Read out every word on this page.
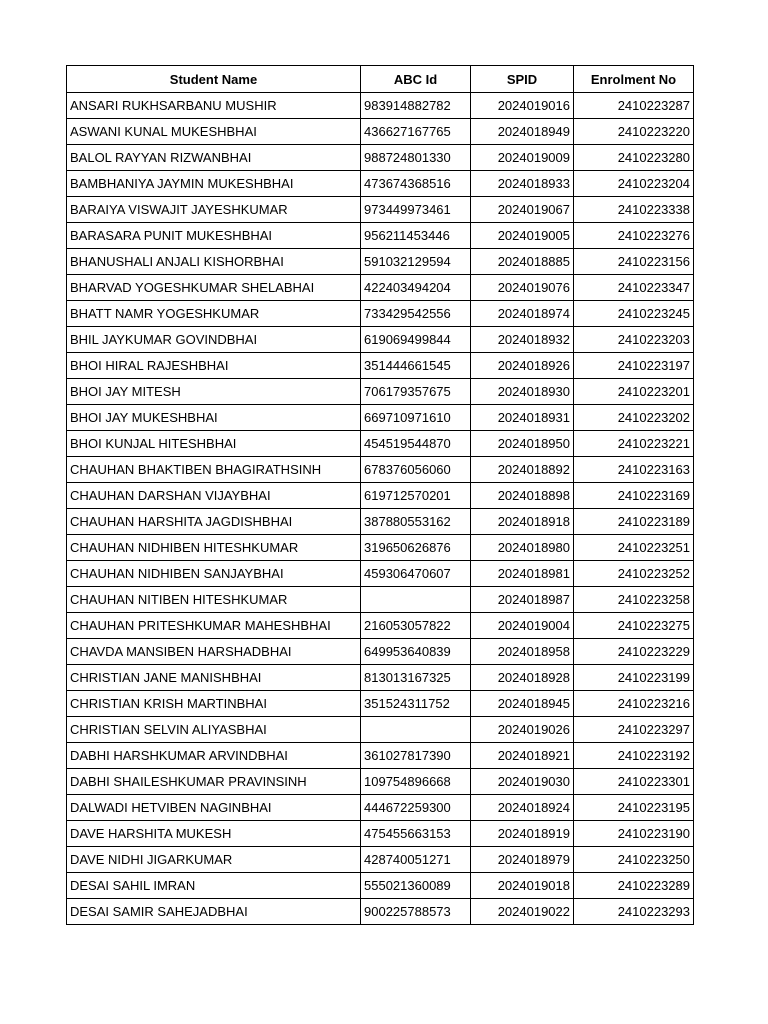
Student Name	ABC Id	SPID	Enrolment No
ANSARI RUKHSARBANU MUSHIR	983914882782	2024019016	2410223287
ASWANI KUNAL MUKESHBHAI	436627167765	2024018949	2410223220
BALOL RAYYAN RIZWANBHAI	988724801330	2024019009	2410223280
BAMBHANIYA JAYMIN MUKESHBHAI	473674368516	2024018933	2410223204
BARAIYA VISWAJIT JAYESHKUMAR	973449973461	2024019067	2410223338
BARASARA PUNIT MUKESHBHAI	956211453446	2024019005	2410223276
BHANUSHALI ANJALI KISHORBHAI	591032129594	2024018885	2410223156
BHARVAD YOGESHKUMAR SHELABHAI	422403494204	2024019076	2410223347
BHATT NAMR YOGESHKUMAR	733429542556	2024018974	2410223245
BHIL JAYKUMAR GOVINDBHAI	619069499844	2024018932	2410223203
BHOI HIRAL RAJESHBHAI	351444661545	2024018926	2410223197
BHOI JAY MITESH	706179357675	2024018930	2410223201
BHOI JAY MUKESHBHAI	669710971610	2024018931	2410223202
BHOI KUNJAL HITESHBHAI	454519544870	2024018950	2410223221
CHAUHAN BHAKTIBEN BHAGIRATHSINH	678376056060	2024018892	2410223163
CHAUHAN DARSHAN VIJAYBHAI	619712570201	2024018898	2410223169
CHAUHAN HARSHITA JAGDISHBHAI	387880553162	2024018918	2410223189
CHAUHAN NIDHIBEN HITESHKUMAR	319650626876	2024018980	2410223251
CHAUHAN NIDHIBEN SANJAYBHAI	459306470607	2024018981	2410223252
CHAUHAN NITIBEN HITESHKUMAR		2024018987	2410223258
CHAUHAN PRITESHKUMAR MAHESHBHAI	216053057822	2024019004	2410223275
CHAVDA MANSIBEN HARSHADBHAI	649953640839	2024018958	2410223229
CHRISTIAN JANE MANISHBHAI	813013167325	2024018928	2410223199
CHRISTIAN KRISH MARTINBHAI	351524311752	2024018945	2410223216
CHRISTIAN SELVIN ALIYASBHAI		2024019026	2410223297
DABHI HARSHKUMAR ARVINDBHAI	361027817390	2024018921	2410223192
DABHI SHAILESHKUMAR PRAVINSINH	109754896668	2024019030	2410223301
DALWADI HETVIBEN NAGINBHAI	444672259300	2024018924	2410223195
DAVE HARSHITA MUKESH	475455663153	2024018919	2410223190
DAVE NIDHI JIGARKUMAR	428740051271	2024018979	2410223250
DESAI SAHIL IMRAN	555021360089	2024019018	2410223289
DESAI SAMIR SAHEJADBHAI	900225788573	2024019022	2410223293
